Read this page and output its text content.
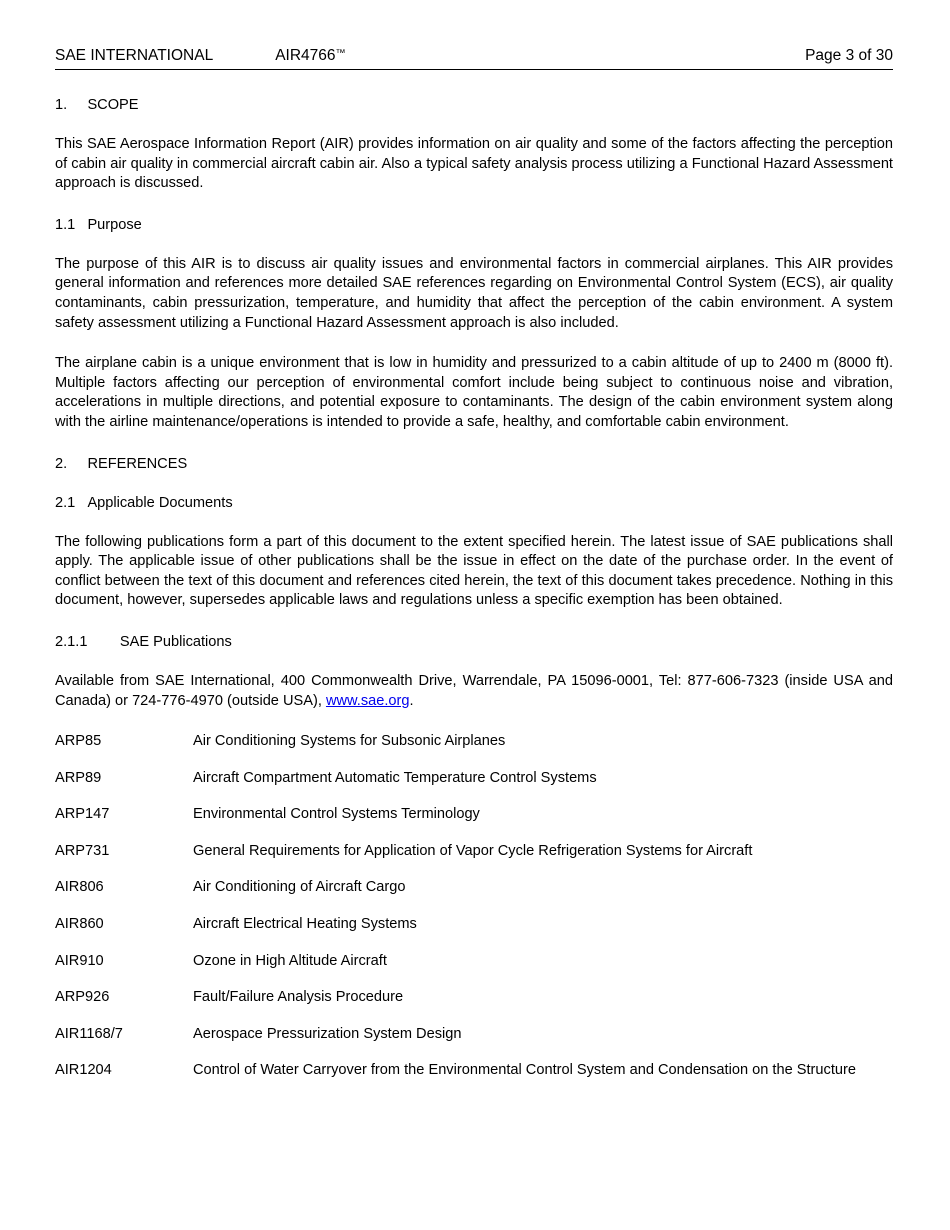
SAE INTERNATIONAL	AIR4766™	Page 3 of 30
1.	SCOPE

This SAE Aerospace Information Report (AIR) provides information on air quality and some of the factors affecting the perception of cabin air quality in commercial aircraft cabin air. Also a typical safety analysis process utilizing a Functional Hazard Assessment approach is discussed.

1.1	Purpose

The purpose of this AIR is to discuss air quality issues and environmental factors in commercial airplanes. This AIR provides general information and references more detailed SAE references regarding on Environmental Control System (ECS), air quality contaminants, cabin pressurization, temperature, and humidity that affect the perception of the cabin environment. A system safety assessment utilizing a Functional Hazard Assessment approach is also included.

The airplane cabin is a unique environment that is low in humidity and pressurized to a cabin altitude of up to 2400 m (8000 ft). Multiple factors affecting our perception of environmental comfort include being subject to continuous noise and vibration, accelerations in multiple directions, and potential exposure to contaminants. The design of the cabin environment system along with the airline maintenance/operations is intended to provide a safe, healthy, and comfortable cabin environment.

2.	REFERENCES
2.1	Applicable Documents

The following publications form a part of this document to the extent specified herein. The latest issue of SAE publications shall apply. The applicable issue of other publications shall be the issue in effect on the date of the purchase order. In the event of conflict between the text of this document and references cited herein, the text of this document takes precedence. Nothing in this document, however, supersedes applicable laws and regulations unless a specific exemption has been obtained.

2.1.1	SAE Publications

Available from SAE International, 400 Commonwealth Drive, Warrendale, PA 15096-0001, Tel: 877-606-7323 (inside USA and Canada) or 724-776-4970 (outside USA), www.sae.org.

ARP85	Air Conditioning Systems for Subsonic Airplanes
ARP89	Aircraft Compartment Automatic Temperature Control Systems
ARP147	Environmental Control Systems Terminology
ARP731	General Requirements for Application of Vapor Cycle Refrigeration Systems for Aircraft
AIR806	Air Conditioning of Aircraft Cargo
AIR860	Aircraft Electrical Heating Systems
AIR910	Ozone in High Altitude Aircraft
ARP926	Fault/Failure Analysis Procedure
AIR1168/7	Aerospace Pressurization System Design
AIR1204	Control of Water Carryover from the Environmental Control System and Condensation on the Structure
